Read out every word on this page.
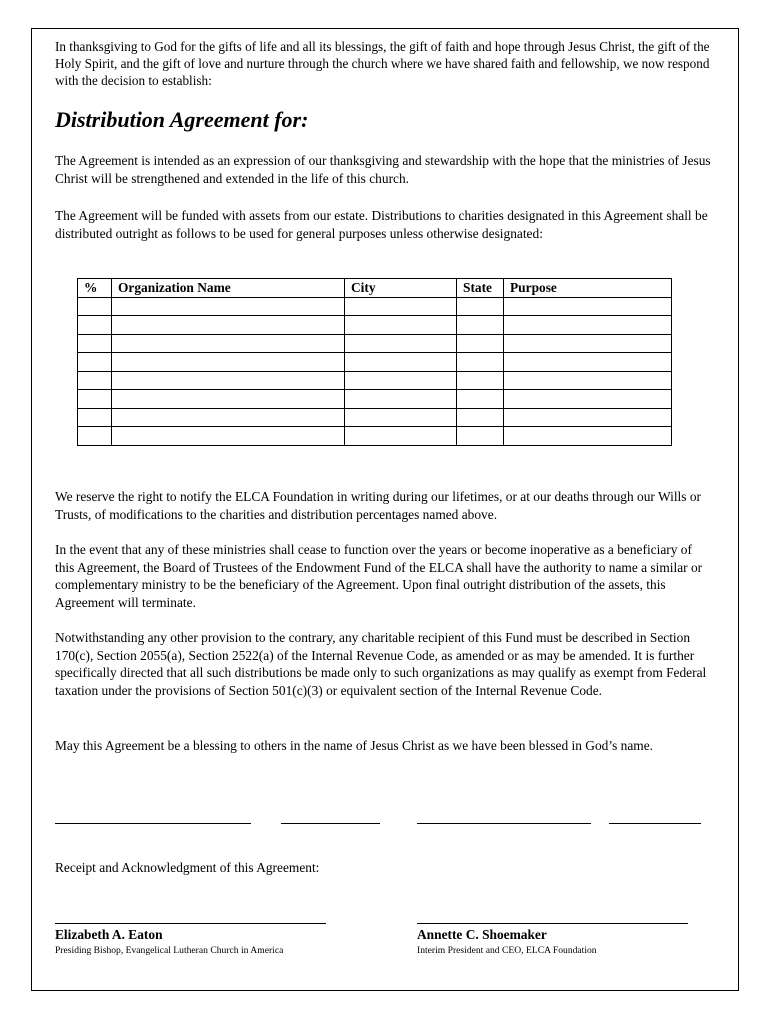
In thanksgiving to God for the gifts of life and all its blessings, the gift of faith and hope through Jesus Christ, the gift of the Holy Spirit, and the gift of love and nurture through the church where we have shared faith and fellowship, we now respond with the decision to establish:

Distribution Agreement for:

The Agreement is intended as an expression of our thanksgiving and stewardship with the hope that the ministries of Jesus Christ will be strengthened and extended in the life of this church.

The Agreement will be funded with assets from our estate. Distributions to charities designated in this Agreement shall be distributed outright as follows to be used for general purposes unless otherwise designated:

%	Organization Name	City	State	Purpose

We reserve the right to notify the ELCA Foundation in writing during our lifetimes, or at our deaths through our Wills or Trusts, of modifications to the charities and distribution percentages named above.

In the event that any of these ministries shall cease to function over the years or become inoperative as a beneficiary of this Agreement, the Board of Trustees of the Endowment Fund of the ELCA shall have the authority to name a similar or complementary ministry to be the beneficiary of the Agreement. Upon final outright distribution of the assets, this Agreement will terminate.

Notwithstanding any other provision to the contrary, any charitable recipient of this Fund must be described in Section 170(c), Section 2055(a), Section 2522(a) of the Internal Revenue Code, as amended or as may be amended. It is further specifically directed that all such distributions be made only to such organizations as may qualify as exempt from Federal taxation under the provisions of Section 501(c)(3) or equivalent section of the Internal Revenue Code.

May this Agreement be a blessing to others in the name of Jesus Christ as we have been blessed in God’s name.

Receipt and Acknowledgment of this Agreement:
Elizabeth A. Eaton
Presiding Bishop, Evangelical Lutheran Church in America
Annette C. Shoemaker
Interim President and CEO, ELCA Foundation
